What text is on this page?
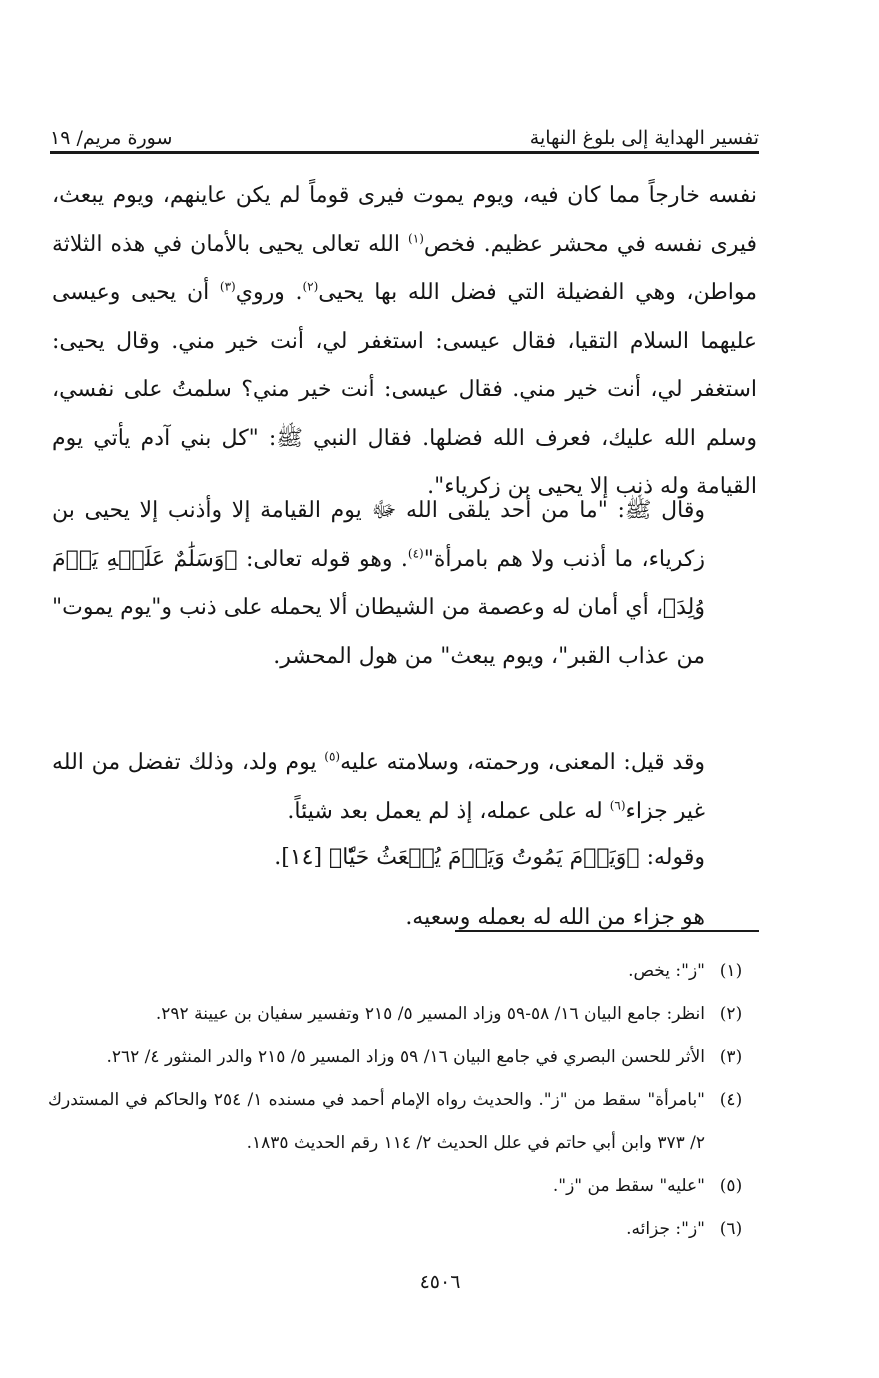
تفسير الهداية إلى بلوغ النهاية
سورة مريم/ ١٩

نفسه خارجاً مما كان فيه، ويوم يموت فيرى قوماً لم يكن عاينهم، ويوم يبعث، فيرى نفسه في محشر عظيم. فخص$^{(١)}$ الله تعالى يحيى بالأمان في هذه الثلاثة مواطن، وهي الفضيلة التي فضل الله بها يحيى$^{(٢)}$. وروي$^{(٣)}$ أن يحيى وعيسى عليهما السلام التقيا، فقال عيسى: استغفر لي، أنت خير مني. وقال يحيى: استغفر لي، أنت خير مني. فقال عيسى: أنت خير مني؟ سلمتُ على نفسي، وسلم الله عليك، فعرف الله فضلها. فقال النبي ﷺ: "كل بني آدم يأتي يوم القيامة وله ذنب إلا يحيى بن زكرياء".

وقال ﷺ: "ما من أحد يلقى الله ﷻ يوم القيامة إلا وأذنب إلا يحيى بن زكرياء، ما أذنب ولا هم بامرأة"$^{(٤)}$. وهو قوله تعالى: ﴿وَسَلَٰمٌ عَلَيۡهِ يَوۡمَ وُلِدَ﴾، أي أمان له وعصمة من الشيطان ألا يحمله على ذنب و"يوم يموت" من عذاب القبر"، ويوم يبعث" من هول المحشر.

وقد قيل: المعنى، ورحمته، وسلامته عليه$^{(٥)}$ يوم ولد، وذلك تفضل من الله غير جزاء$^{(٦)}$ له على عمله، إذ لم يعمل بعد شيئاً.

وقوله: ﴿وَيَوۡمَ يَمُوتُ وَيَوۡمَ يُبۡعَثُ حَيّٗا﴾ [١٤].

هو جزاء من الله له بعمله وسعيه.

(١)
"ز": يخص.
(٢)
انظر: جامع البيان ١٦/ ٥٨-٥٩ وزاد المسير ٥/ ٢١٥ وتفسير سفيان بن عيينة ٢٩٢.
(٣)
الأثر للحسن البصري في جامع البيان ١٦/ ٥٩ وزاد المسير ٥/ ٢١٥ والدر المنثور ٤/ ٢٦٢.
(٤)
"بامرأة" سقط من "ز". والحديث رواه الإمام أحمد في مسنده ١/ ٢٥٤ والحاكم في المستدرك ٢/ ٣٧٣ وابن أبي حاتم في علل الحديث ٢/ ١١٤ رقم الحديث ١٨٣٥.
(٥)
"عليه" سقط من "ز".
(٦)
"ز": جزائه.
٤٥٠٦
